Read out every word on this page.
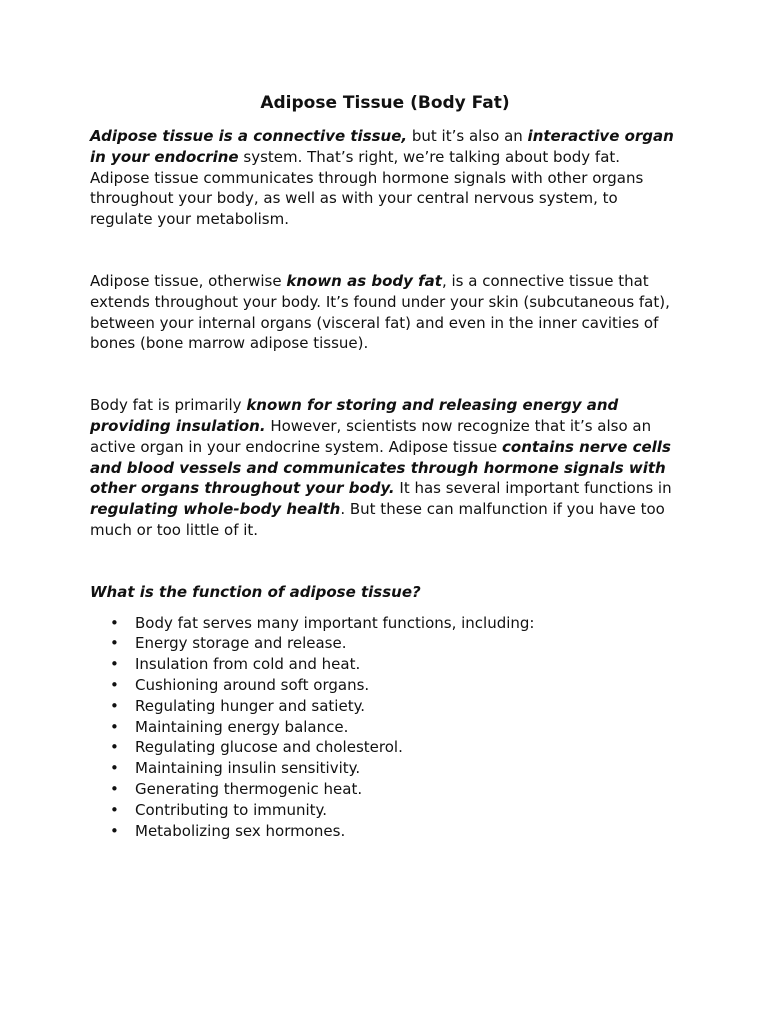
Adipose Tissue (Body Fat)

Adipose tissue is a connective tissue, but it’s also an interactive organ in your endocrine system. That’s right, we’re talking about body fat. Adipose tissue communicates through hormone signals with other organs throughout your body, as well as with your central nervous system, to regulate your metabolism.

Adipose tissue, otherwise known as body fat, is a connective tissue that extends throughout your body. It’s found under your skin (subcutaneous fat), between your internal organs (visceral fat) and even in the inner cavities of bones (bone marrow adipose tissue).

Body fat is primarily known for storing and releasing energy and providing insulation. However, scientists now recognize that it’s also an active organ in your endocrine system. Adipose tissue contains nerve cells and blood vessels and communicates through hormone signals with other organs throughout your body. It has several important functions in regulating whole-body health. But these can malfunction if you have too much or too little of it.

What is the function of adipose tissue?

• Body fat serves many important functions, including:
• Energy storage and release.
• Insulation from cold and heat.
• Cushioning around soft organs.
• Regulating hunger and satiety.
• Maintaining energy balance.
• Regulating glucose and cholesterol.
• Maintaining insulin sensitivity.
• Generating thermogenic heat.
• Contributing to immunity.
• Metabolizing sex hormones.
